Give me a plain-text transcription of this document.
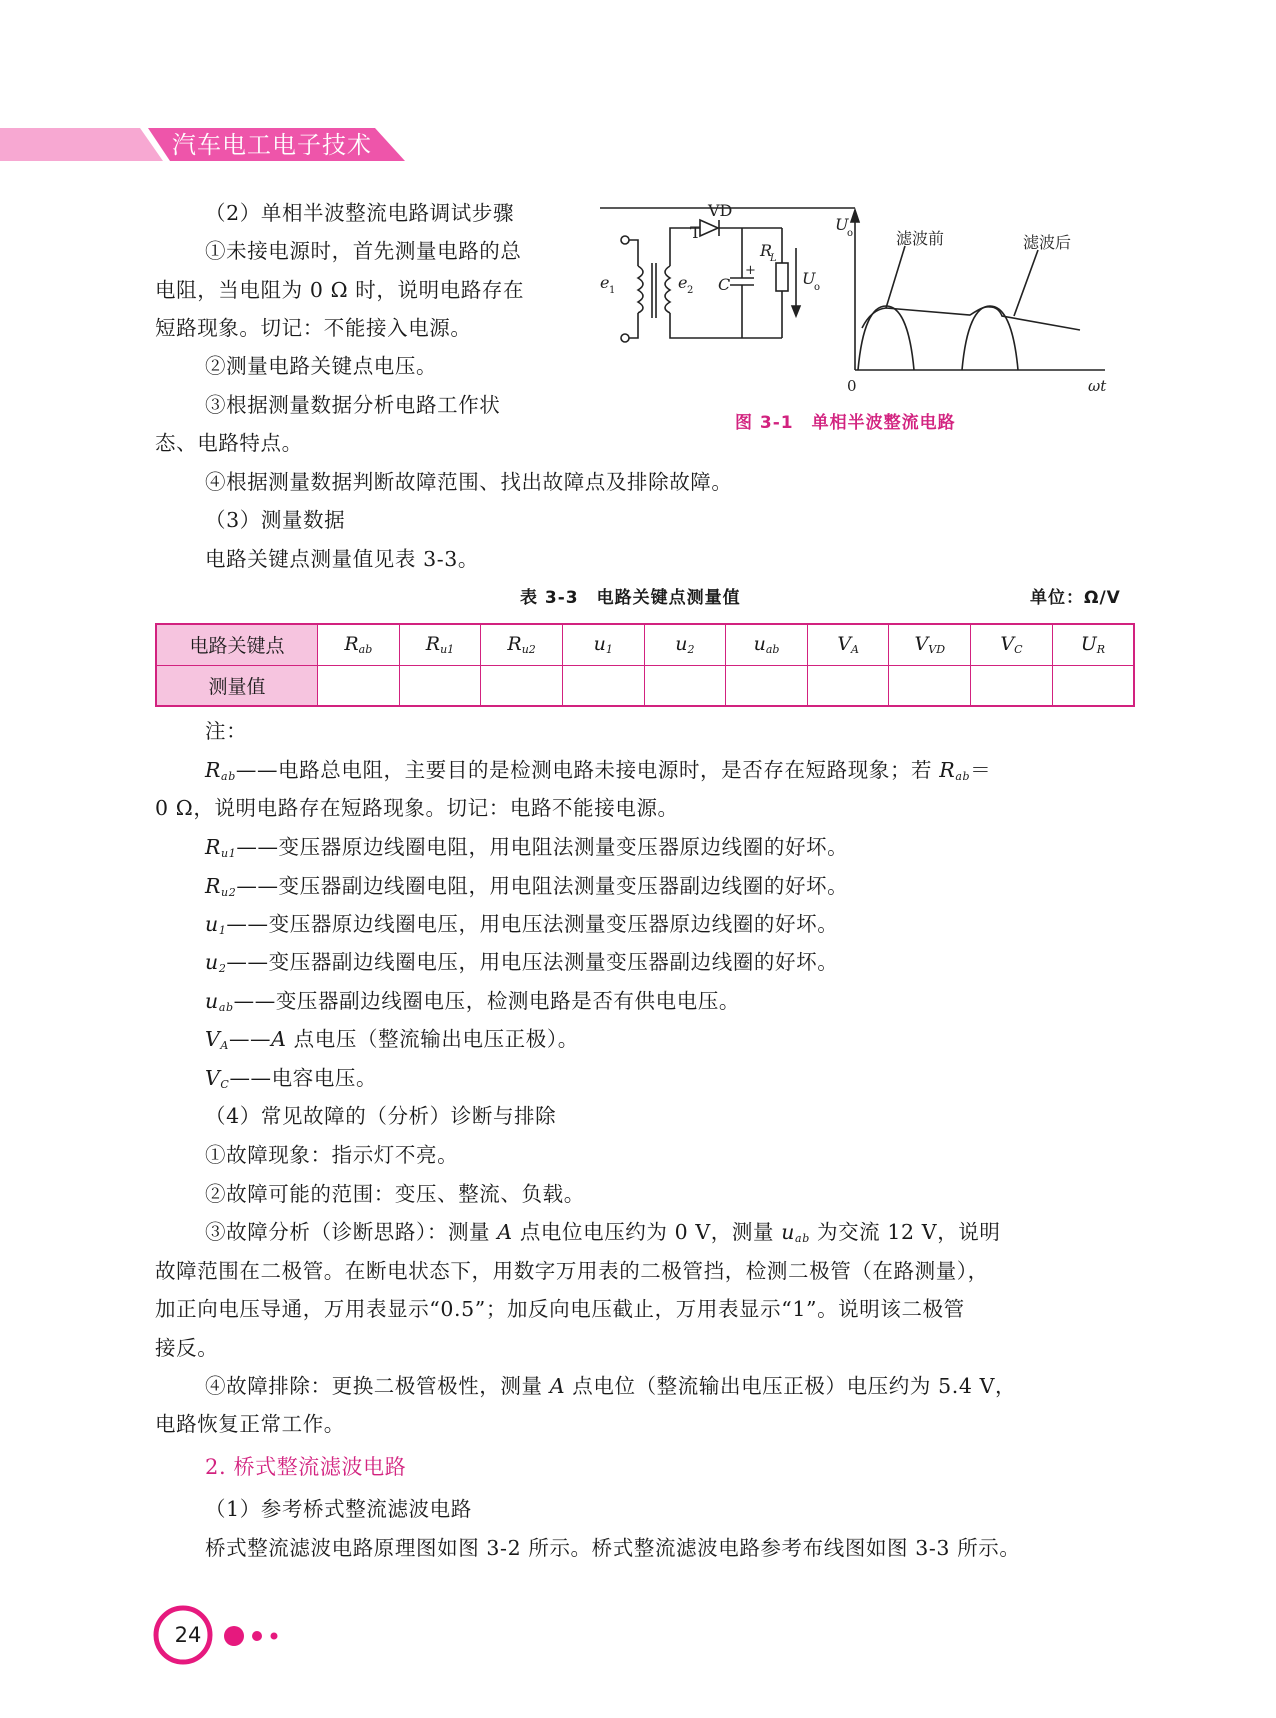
汽车电工电子技术
（2）单相半波整流电路调试步骤
①未接电源时，首先测量电路的总
电阻，当电阻为 0 Ω 时，说明电路存在
短路现象。切记：不能接入电源。
②测量电路关键点电压。
③根据测量数据分析电路工作状
态、电路特点。
④根据测量数据判断故障范围、找出故障点及排除故障。
（3）测量数据
电路关键点测量值见表 3-3。
T
VD
R
L
C
+
e 1	e 2
U
o
U
o
0	ωt
滤波前	滤波后
图 3-1　单相半波整流电路
表 3-3　电路关键点测量值	单位：Ω/V
电路关键点	$R_{ab}$	$R_{u1}$	$R_{u2}$	$u_1$	$u_2$	$u_{ab}$	$V_A$	$V_{VD}$	$V_C$	$U_R$
测量值										
注：
$R_{ab}——$电路总电阻，主要目的是检测电路未接电源时，是否存在短路现象；若 $R_{ab}=$
0 Ω，说明电路存在短路现象。切记：电路不能接电源。
$R_{u1}——$变压器原边线圈电阻，用电阻法测量变压器原边线圈的好坏。
$R_{u2}——$变压器副边线圈电阻，用电阻法测量变压器副边线圈的好坏。
$u_1——$变压器原边线圈电压，用电压法测量变压器原边线圈的好坏。
$u_2——$变压器副边线圈电压，用电压法测量变压器副边线圈的好坏。
$u_{ab}——$变压器副边线圈电压，检测电路是否有供电电压。
$V_A——A$ 点电压（整流输出电压正极）。
$V_C——$电容电压。
（4）常见故障的（分析）诊断与排除
①故障现象：指示灯不亮。
②故障可能的范围：变压、整流、负载。
③故障分析（诊断思路）：测量 A 点电位电压约为 0 V，测量 $u_{ab}$ 为交流 12 V，说明
故障范围在二极管。在断电状态下，用数字万用表的二极管挡，检测二极管（在路测量），
加正向电压导通，万用表显示“0.5”；加反向电压截止，万用表显示“1”。说明该二极管
接反。
④故障排除：更换二极管极性，测量 A 点电位（整流输出电压正极）电压约为 5.4 V，
电路恢复正常工作。
2. 桥式整流滤波电路
（1）参考桥式整流滤波电路
桥式整流滤波电路原理图如图 3-2 所示。桥式整流滤波电路参考布线图如图 3-3 所示。
24
